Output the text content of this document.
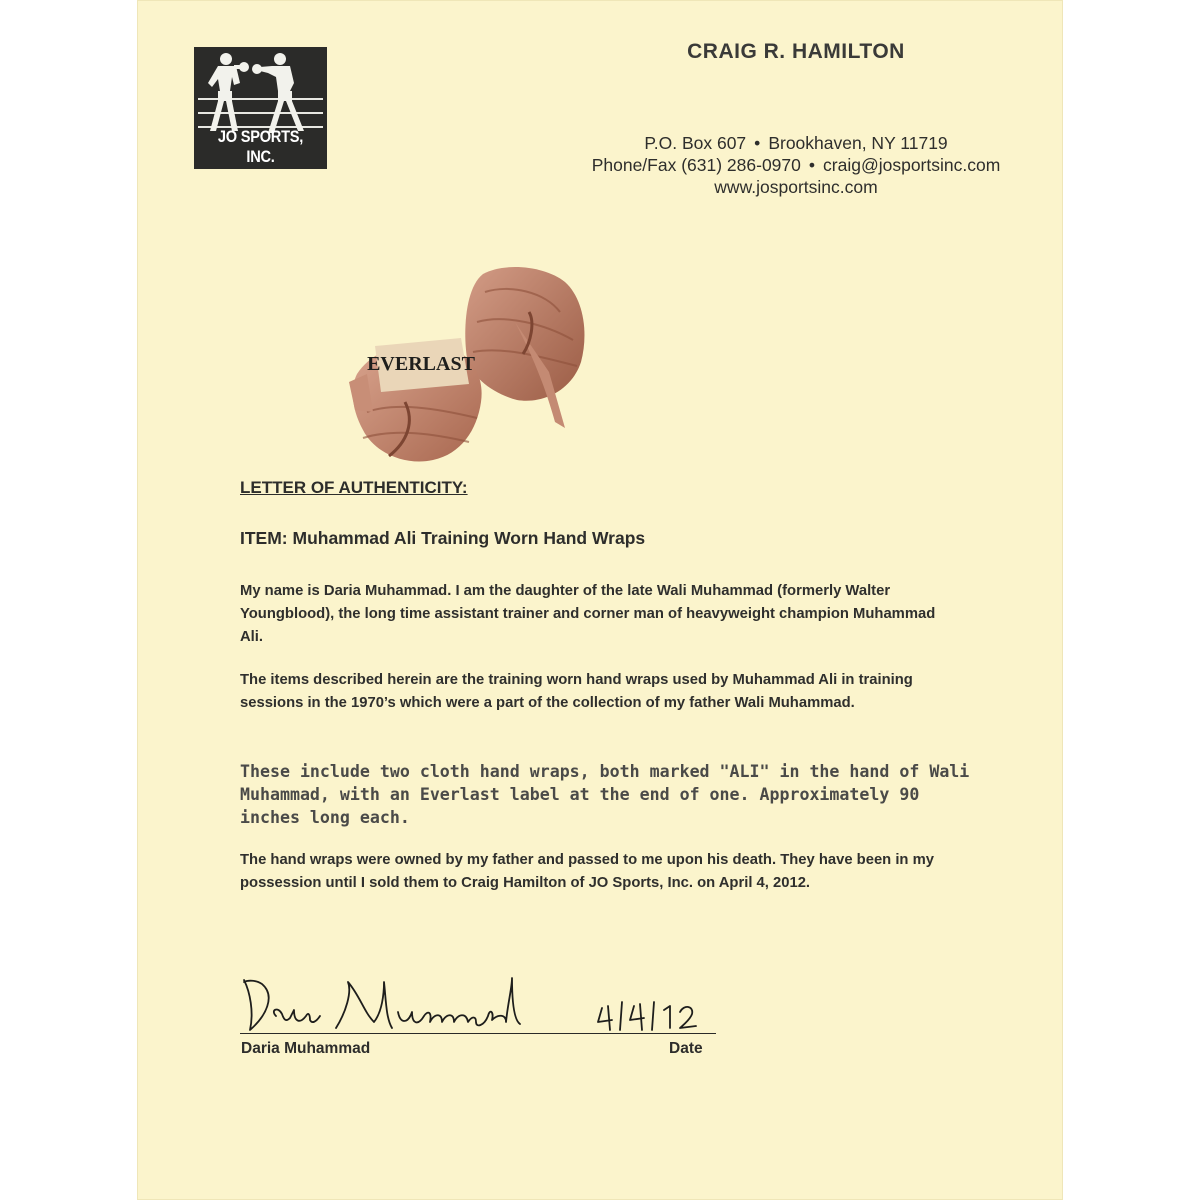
JO SPORTS, INC.
CRAIG R. HAMILTON
P.O. Box 607 • Brookhaven, NY 11719
Phone/Fax (631) 286-0970 • craig@josportsinc.com
www.josportsinc.com
EVERLAST
LETTER OF AUTHENTICITY:
ITEM: Muhammad Ali Training Worn Hand Wraps
My name is Daria Muhammad. I am the daughter of the late Wali Muhammad (formerly Walter Youngblood), the long time assistant trainer and corner man of heavyweight champion Muhammad Ali.
The items described herein are the training worn hand wraps used by Muhammad Ali in training sessions in the 1970’s which were a part of the collection of my father Wali Muhammad.
These include two cloth hand wraps, both marked "ALI" in the hand of Wali Muhammad, with an Everlast label at the end of one. Approximately 90 inches long each.
The hand wraps were owned by my father and passed to me upon his death. They have been in my possession until I sold them to Craig Hamilton of JO Sports, Inc. on April 4, 2012.
Daria Muhammad	Date
